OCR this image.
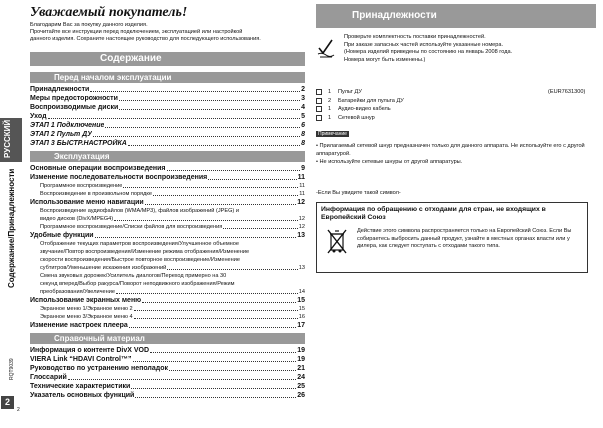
РУССКИЙ
Содержание/Принадлежности
RQT9039
2
2
Уважаемый покупатель!
Благодарим Вас за покупку данного изделия.
Прочитайте все инструкции перед подключением, эксплуатацией или настройкой
данного изделия. Сохраните настоящее руководство для последующего использования.
Содержание
Перед началом эксплуатации
Принадлежности	2
Меры предосторожности	3
Воспроизводимые диски	4
Уход	5
ЭТАП 1 Подключение	6
ЭТАП 2 Пульт ДУ	8
ЭТАП 3 БЫСТР.НАСТРОЙКА	8
Эксплуатация
Основные операции воспроизведения	9
Изменение последовательности воспроизведения	11
Программное воспроизведение	11
Воспроизведение в произвольном порядке	11
Использование меню навигации	12
Воспроизведение аудиофайлов (WMA/MP3), файлов изображений (JPEG) и
видео дисков (DivX/MPEG4)	12
Программное воспроизведение/Списки файлов для воспроизведения	12
Удобные функции	13
Отображение текущих параметров воспроизведения/Улучшенное объемное
звучание/Повтор воспроизведения/Изменение режима отображения/Изменение
скорости воспроизведения/Быстрое повторное воспроизведение/Изменение
субтитров/Уменьшение искажения изображений	13
Смена звуковых дорожек/Усилитель диалогов/Переход примерно на 30
секунд вперед/Выбор ракурса/Поворот неподвижного изображения/Режим
преобразования/Увеличение	14
Использование экранных меню	15
Экранное меню 1/Экранное меню 2	15
Экранное меню 3/Экранное меню 4	16
Изменение настроек плеера	17
Справочный материал
Информация о контенте DivX VOD	19
VIERA Link “HDAVI Control™”	19
Руководство по устранению неполадок	21
Глоссарий	24
Технические характеристики	25
Указатель основных функций	26
Принадлежности
Проверьте комплектность поставки принадлежностей.
При заказе запасных частей используйте указанные номера.
(Номера изделий приведены по состоянию на январь 2008 года.
Номера могут быть изменены.)
1	Пульт ДУ	(EUR7631300)
2	Батарейки для пульта ДУ
1	Аудио-видео кабель
1	Сетевой шнур
Примечание
• Прилагаемый сетевой шнур предназначен только для данного аппарата. Не используйте его с другой аппаратурой.
• Не используйте сетевые шнуры от другой аппаратуры.
-Если Вы увидите такой символ-
Информация по обращению с отходами для стран, не входящих в Европейский Союз
Действие этого символа распространяется только на Европейский Союз. Если Вы собираетесь выбросить данный продукт, узнайте в местных органах власти или у дилера, как следует поступать с отходами такого типа.
